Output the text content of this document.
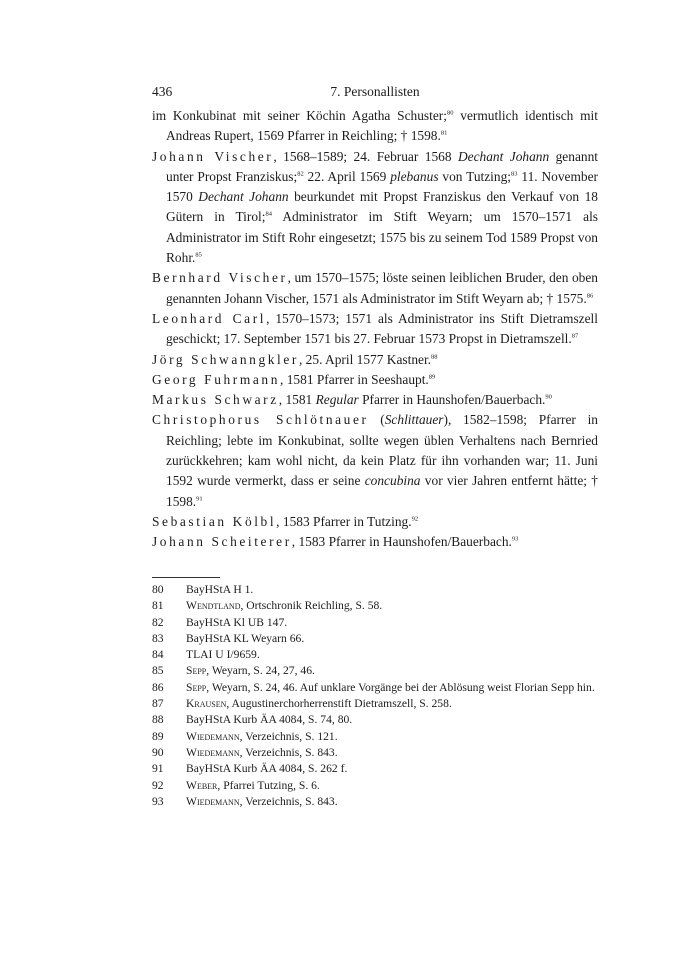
436	7. Personallisten

im Konkubinat mit seiner Köchin Agatha Schuster;$^{80}$ vermutlich identisch mit Andreas Rupert, 1569 Pfarrer in Reichling; † 1598.81

Johann Vischer, 1568–1589; 24. Februar 1568 Dechant Johann genannt unter Propst Franziskus;$^{82}$ 22. April 1569 plebanus von Tutzing;$^{83}$ 11. November 1570 Dechant Johann beurkundet mit Propst Franziskus den Verkauf von 18 Gütern in Tirol;$^{84}$ Administrator im Stift Weyarn; um 1570–1571 als Administrator im Stift Rohr eingesetzt; 1575 bis zu seinem Tod 1589 Propst von Rohr.$^{85}$

Bernhard Vischer, um 1570–1575; löste seinen leiblichen Bruder, den oben genannten Johann Vischer, 1571 als Administrator im Stift Weyarn ab; † 1575.86

Leonhard Carl, 1570–1573; 1571 als Administrator ins Stift Dietramszell geschickt; 17. September 1571 bis 27. Februar 1573 Propst in Dietramszell.$^{87}$

Jörg Schwanngkler, 25. April 1577 Kastner.$^{88}$

Georg Fuhrmann, 1581 Pfarrer in Seeshaupt.$^{89}$

Markus Schwarz, 1581 Regular Pfarrer in Haunshofen/Bauerbach.$^{90}$

Christophorus Schlötnauer (Schlittauer), 1582–1598; Pfarrer in Reichling; lebte im Konkubinat, sollte wegen üblen Verhaltens nach Bernried zurückkehren; kam wohl nicht, da kein Platz für ihn vorhanden war; 11. Juni 1592 wurde vermerkt, dass er seine concubina vor vier Jahren entfernt hätte; † 1598.91

Sebastian Kölbl, 1583 Pfarrer in Tutzing.$^{92}$

Johann Scheiterer, 1583 Pfarrer in Haunshofen/Bauerbach.$^{93}$

80 BayHStA H 1.

81 Wendtland, Ortschronik Reichling, S. 58.

82 BayHStA Kl UB 147.

83 BayHStA KL Weyarn 66.

84 TLAI U I/9659.

85 Sepp, Weyarn, S. 24, 27, 46.

86 Sepp, Weyarn, S. 24, 46. Auf unklare Vorgänge bei der Ablösung weist Florian Sepp hin.

87 Krausen, Augustinerchorherrenstift Dietramszell, S. 258.

88 BayHStA Kurb ÄA 4084, S. 74, 80.

89 Wiedemann, Verzeichnis, S. 121.

90 Wiedemann, Verzeichnis, S. 843.

91 BayHStA Kurb ÄA 4084, S. 262 f.

92 Weber, Pfarrei Tutzing, S. 6.

93 Wiedemann, Verzeichnis, S. 843.
